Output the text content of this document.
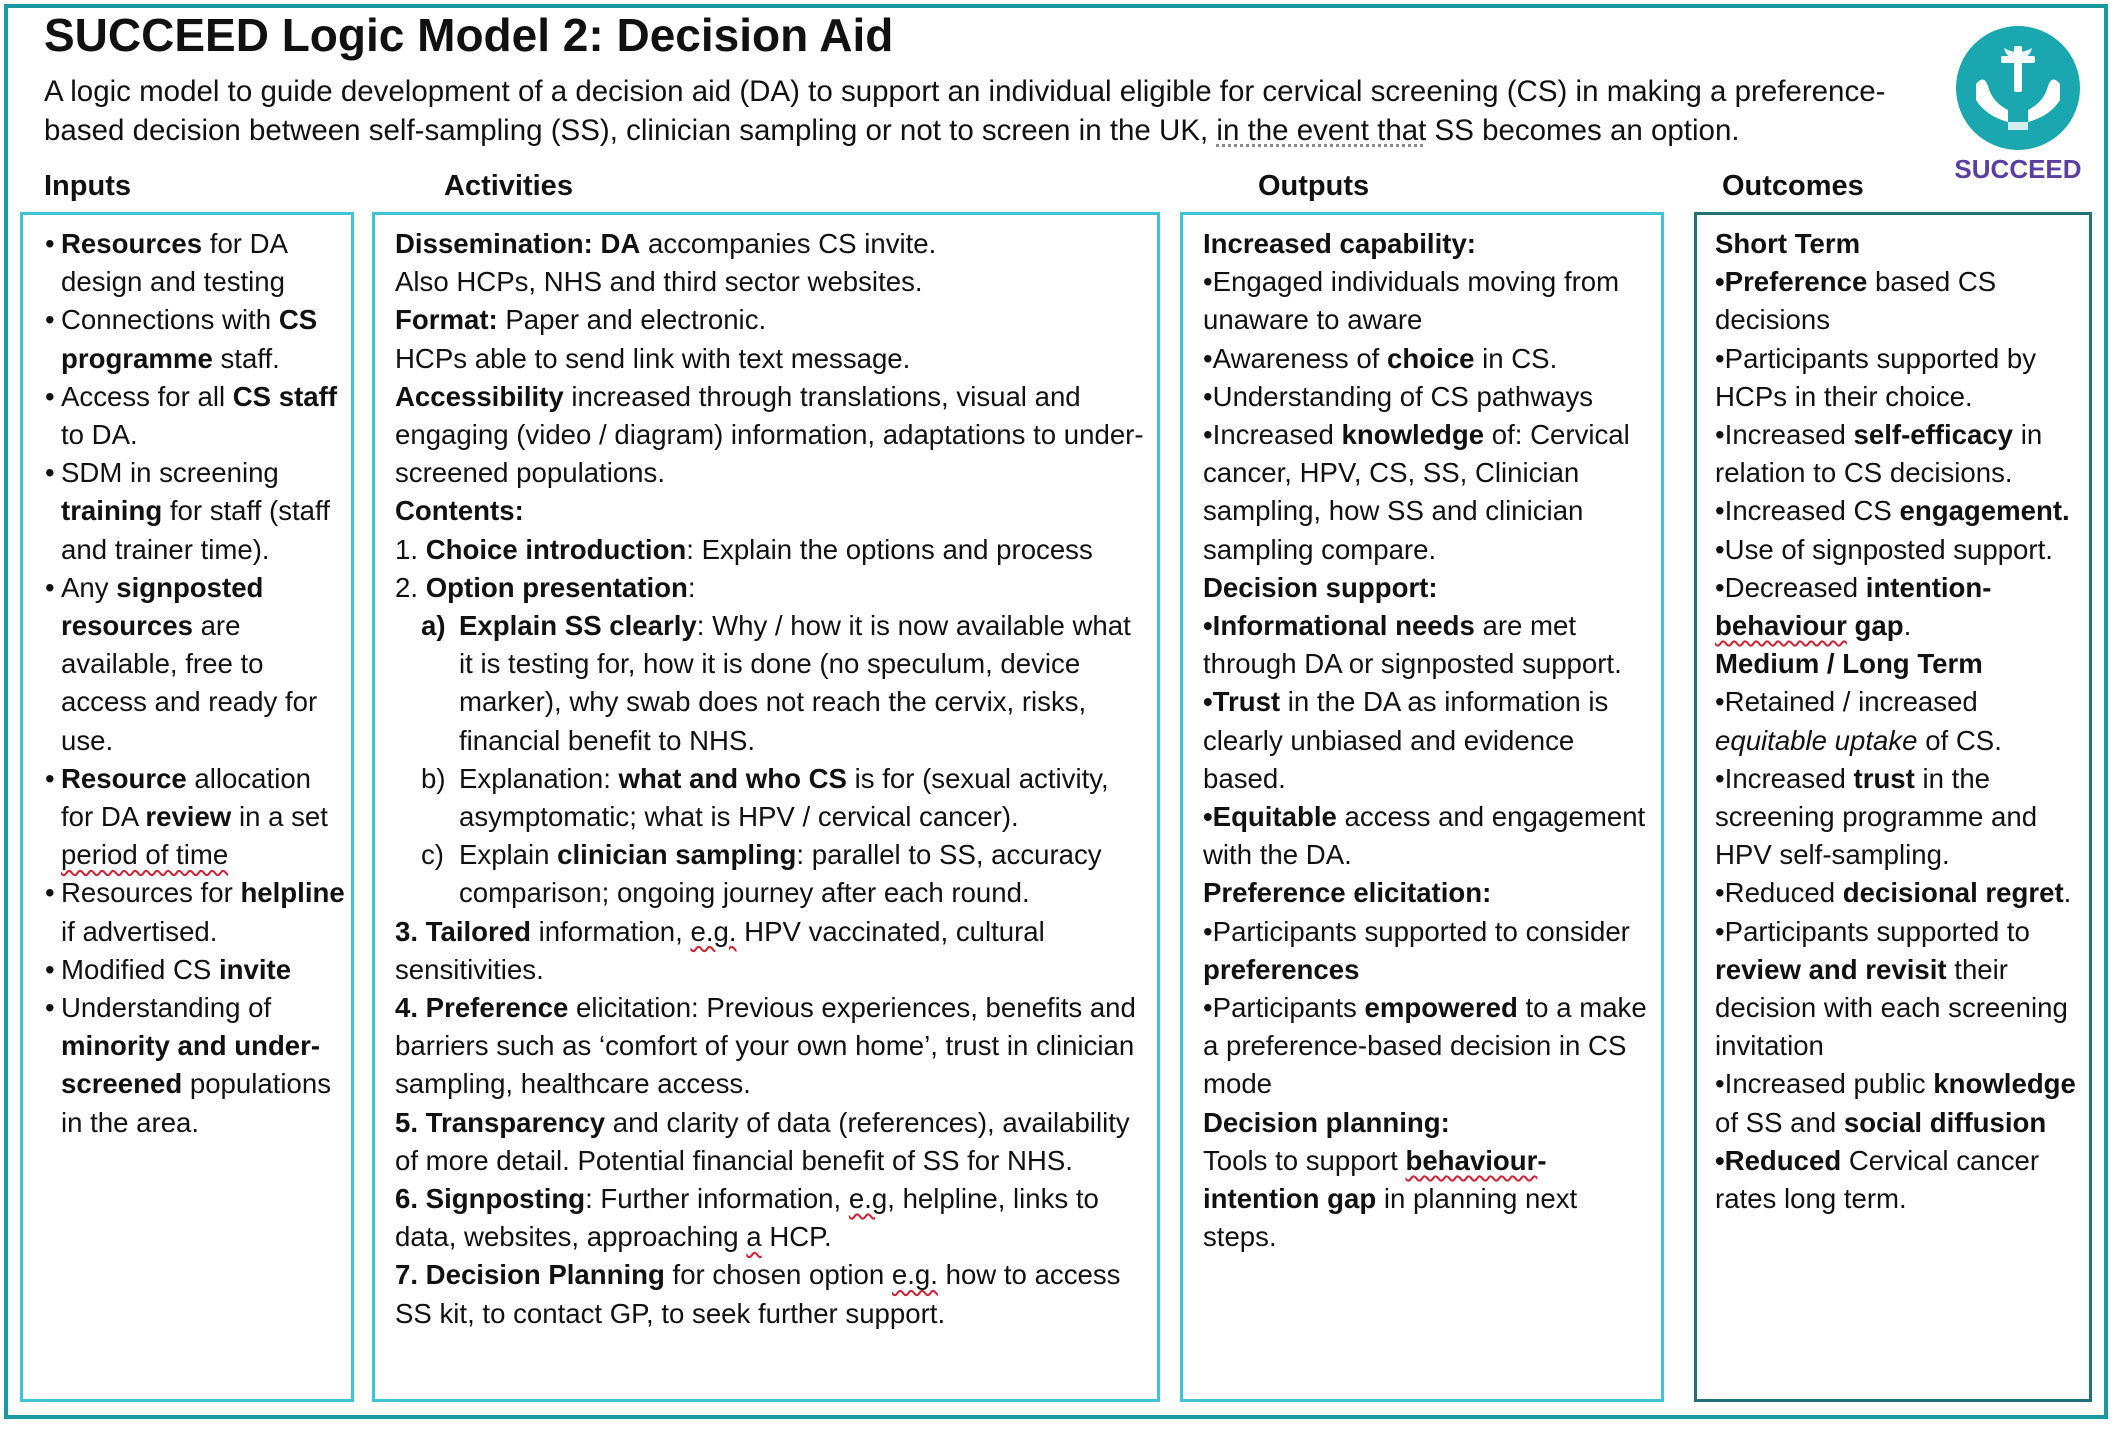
SUCCEED Logic Model 2: Decision Aid
A logic model to guide development of a decision aid (DA) to support an individual eligible for cervical screening (CS) in making a preference-based decision between self-sampling (SS), clinician sampling or not to screen in the UK, in the event that SS becomes an option.
SUCCEED
Inputs	Activities	Outputs	Outcomes
• Resources for DA design and testing
• Connections with CS programme staff.
• Access for all CS staff to DA.
• SDM in screening training for staff (staff and trainer time).
• Any signposted resources are available, free to access and ready for use.
• Resource allocation for DA review in a set period of time
• Resources for helpline if advertised.
• Modified CS invite
• Understanding of minority and under-screened populations in the area.

Dissemination: DA accompanies CS invite.

Also HCPs, NHS and third sector websites.

Format: Paper and electronic.

HCPs able to send link with text message.

Accessibility increased through translations, visual and engaging (video / diagram) information, adaptations to under-screened populations.

Contents:

1. Choice introduction: Explain the options and process

2. Option presentation:

a) Explain SS clearly: Why / how it is now available what it is testing for, how it is done (no speculum, device marker), why swab does not reach the cervix, risks, financial benefit to NHS.

b) Explanation: what and who CS is for (sexual activity, asymptomatic; what is HPV / cervical cancer).

c) Explain clinician sampling: parallel to SS, accuracy comparison; ongoing journey after each round.

3. Tailored information, e.g. HPV vaccinated, cultural sensitivities.

4. Preference elicitation: Previous experiences, benefits and barriers such as ‘comfort of your own home’, trust in clinician sampling, healthcare access.

5. Transparency and clarity of data (references), availability of more detail. Potential financial benefit of SS for NHS.

6. Signposting: Further information, e.g, helpline, links to data, websites, approaching a HCP.

7. Decision Planning for chosen option e.g. how to access SS kit, to contact GP, to seek further support.

Increased capability:

•Engaged individuals moving from unaware to aware

•Awareness of choice in CS.

•Understanding of CS pathways

•Increased knowledge of: Cervical cancer, HPV, CS, SS, Clinician sampling, how SS and clinician sampling compare.

Decision support:

•Informational needs are met through DA or signposted support.

•Trust in the DA as information is clearly unbiased and evidence based.

•Equitable access and engagement with the DA.

Preference elicitation:

•Participants supported to consider preferences

•Participants empowered to a make a preference-based decision in CS mode

Decision planning:

Tools to support behaviour-intention gap in planning next steps.

Short Term

•Preference based CS decisions

•Participants supported by HCPs in their choice.

•Increased self-efficacy in relation to CS decisions.

•Increased CS engagement.

•Use of signposted support.

•Decreased intention-behaviour gap.

Medium / Long Term

•Retained / increased equitable uptake of CS.

•Increased trust in the screening programme and HPV self-sampling.

•Reduced decisional regret.

•Participants supported to review and revisit their decision with each screening invitation

•Increased public knowledge of SS and social diffusion

•Reduced Cervical cancer rates long term.
